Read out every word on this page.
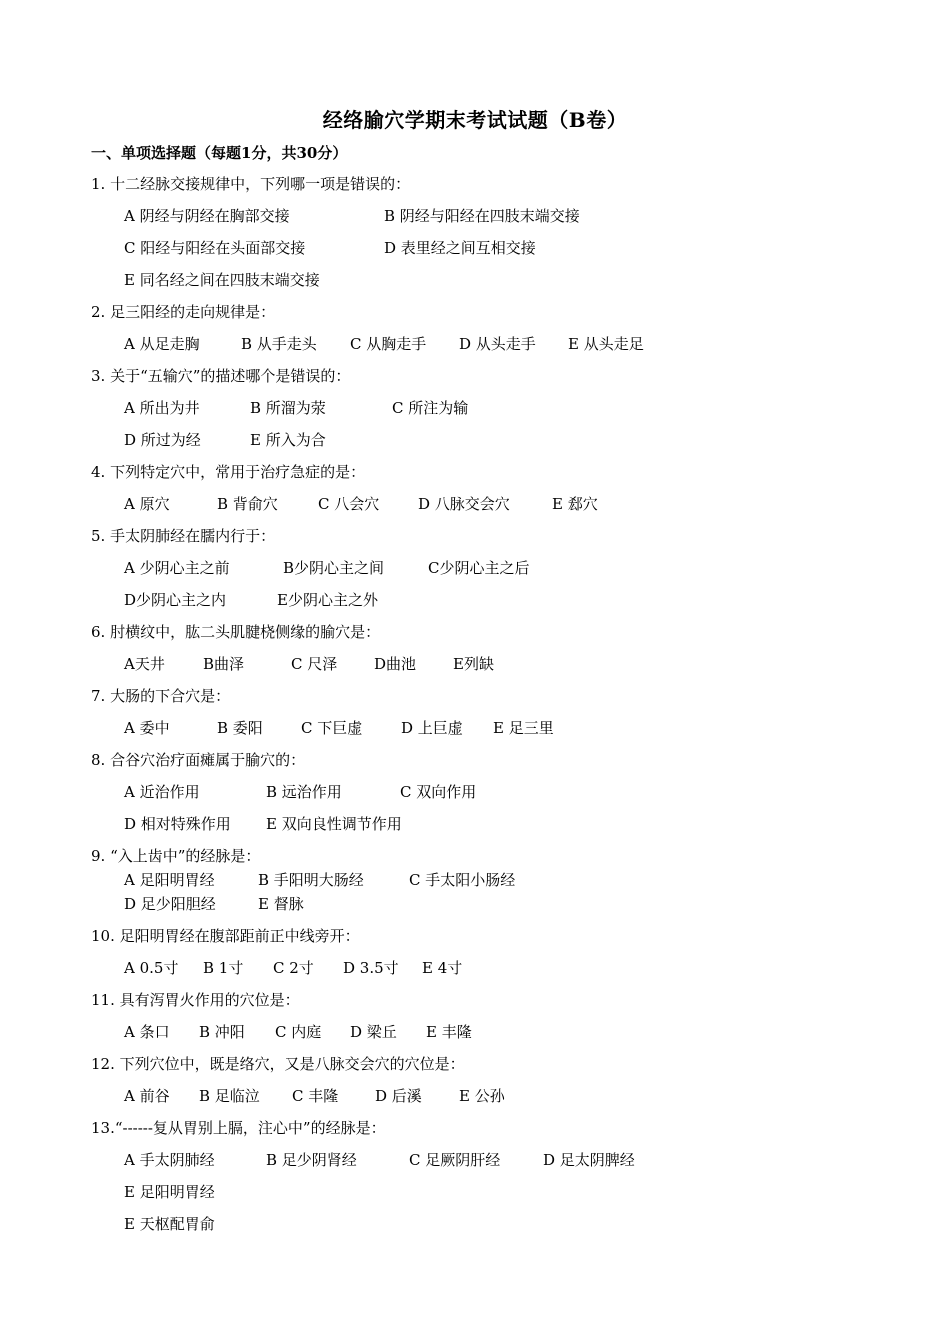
经络腧穴学期末考试试题（B卷）
一、单项选择题（每题1分，共30分）
1. 十二经脉交接规律中，下列哪一项是错误的：
A 阴经与阴经在胸部交接	B 阴经与阳经在四肢末端交接
C 阳经与阳经在头面部交接	D 表里经之间互相交接
E 同名经之间在四肢末端交接
2. 足三阳经的走向规律是：
A 从足走胸	B 从手走头 C 从胸走手 D 从头走手 E 从头走足
3. 关于“五输穴”的描述哪个是错误的：
A 所出为井	B 所溜为荥	C 所注为输
D 所过为经	E 所入为合
4. 下列特定穴中，常用于治疗急症的是：
A 原穴	B 背俞穴	C 八会穴	D 八脉交会穴	E 郄穴
5. 手太阴肺经在臑内行于：
A 少阴心主之前	B少阴心主之间	C少阴心主之后
D少阴心主之内	E少阴心主之外
6. 肘横纹中，肱二头肌腱桡侧缘的腧穴是：
A天井	B曲泽	C 尺泽 D曲池 E列缺
7. 大肠的下合穴是：
A 委中	B 委阳	C 下巨虚	D 上巨虚 E 足三里
8. 合谷穴治疗面瘫属于腧穴的：
A 近治作用	B 远治作用	C 双向作用
D 相对特殊作用 E 双向良性调节作用
9. “入上齿中”的经脉是：
A 足阳明胃经	B 手阳明大肠经	C 手太阳小肠经
D 足少阳胆经	E 督脉
10. 足阳明胃经在腹部距前正中线旁开：
A 0.5寸 B 1寸 C 2寸 D 3.5寸 E 4寸
11. 具有泻胃火作用的穴位是：
A 条口 B 冲阳 C 内庭 D 梁丘 E 丰隆
12. 下列穴位中，既是络穴，又是八脉交会穴的穴位是：
A 前谷 B 足临泣 C 丰隆 D 后溪 E 公孙
13.“------复从胃别上膈，注心中”的经脉是：
A 手太阴肺经	B 足少阴肾经	C 足厥阴肝经	D 足太阴脾经
E 足阳明胃经
E 天枢配胃俞
